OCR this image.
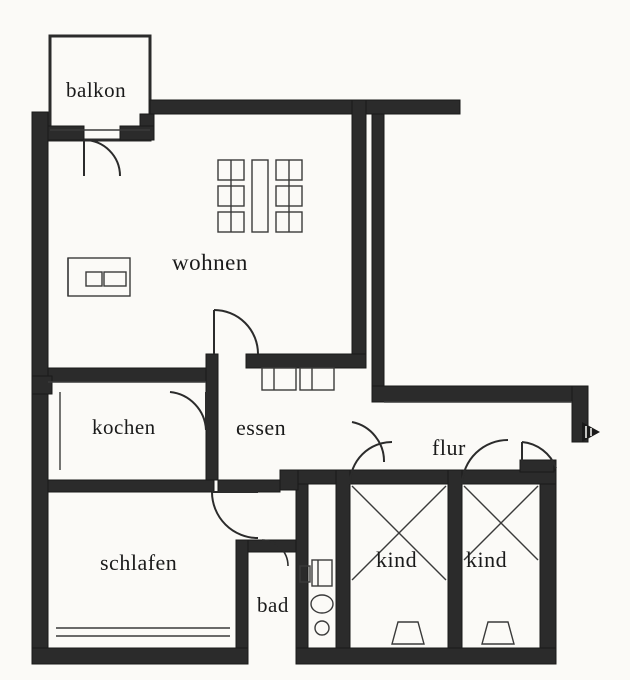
balkon
wohnen
kochen	essen
flur
schlafen
bad
kind kind
